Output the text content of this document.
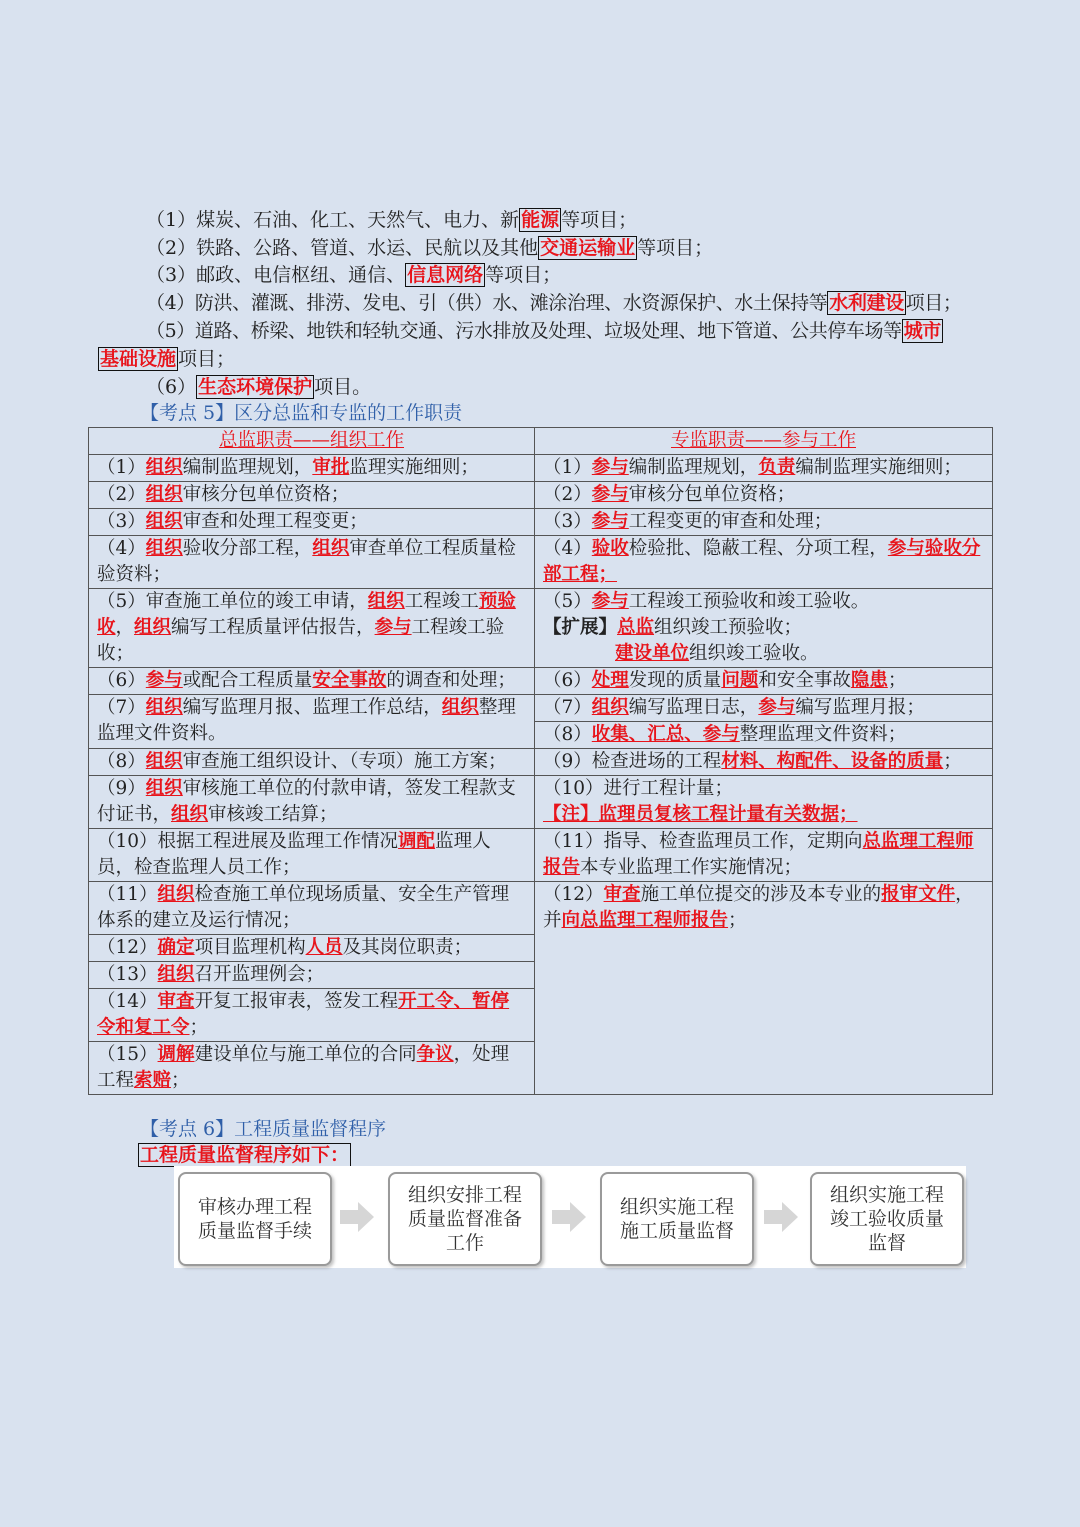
（1）煤炭、石油、化工、天然气、电力、新 能源 等项目；
（2）铁路、公路、管道、水运、民航以及其他 交通运输业 等项目；
（3）邮政、电信枢纽、通信、 信息网络 等项目；
（4）防洪、灌溉、排涝、发电、引（供）水、滩涂治理、水资源保护、水土保持等 水利建设 项目；
（5）道路、桥梁、地铁和轻轨交通、污水排放及处理、垃圾处理、地下管道、公共停车场等 城市
基础设施 项目；
（6） 生态环境保护 项目。
【考点 5】区分总监和专监的工作职责
总监职责——组织工作	专监职责——参与工作
（1）组织编制监理规划，审批监理实施细则；	（1）参与编制监理规划，负责编制监理实施细则；
（2）组织审核分包单位资格；	（2）参与审核分包单位资格；
（3）组织审查和处理工程变更；	（3）参与工程变更的审查和处理；
（4）组织验收分部工程，组织审查单位工程质量检验资料；	（4）验收检验批、隐蔽工程、分项工程，参与验收分部工程；
（5）审查施工单位的竣工申请，组织工程竣工预验收，组织编写工程质量评估报告，参与工程竣工验收；	（5）参与工程竣工预验收和竣工验收。
【扩展】总监组织竣工预验收；
建设单位组织竣工验收。
（6）参与或配合工程质量安全事故的调查和处理；	（6）处理发现的质量问题和安全事故隐患；
（7）组织编写监理月报、监理工作总结，组织整理监理文件资料。	（7）组织编写监理日志，参与编写监理月报；
	（8）收集、汇总、参与整理监理文件资料；
（8）组织审查施工组织设计、（专项）施工方案；	（9）检查进场的工程材料、构配件、设备的质量；
（9）组织审核施工单位的付款申请，签发工程款支付证书，组织审核竣工结算；	（10）进行工程计量；
【注】监理员复核工程计量有关数据；
（10）根据工程进展及监理工作情况调配监理人员，检查监理人员工作；	（11）指导、检查监理员工作，定期向总监理工程师报告本专业监理工作实施情况；
（11）组织检查施工单位现场质量、安全生产管理体系的建立及运行情况；	（12）审查施工单位提交的涉及本专业的报审文件，并向总监理工程师报告；
（12）确定项目监理机构人员及其岗位职责；	
（13）组织召开监理例会；	
（14）审查开复工报审表，签发工程开工令、暂停令和复工令；	
（15）调解建设单位与施工单位的合同争议，处理工程索赔；	
【考点 6】工程质量监督程序
工程质量监督程序如下：
审核办理工程质量监督手续
组织安排工程质量监督准备工作
组织实施工程施工质量监督
组织实施工程竣工验收质量监督
